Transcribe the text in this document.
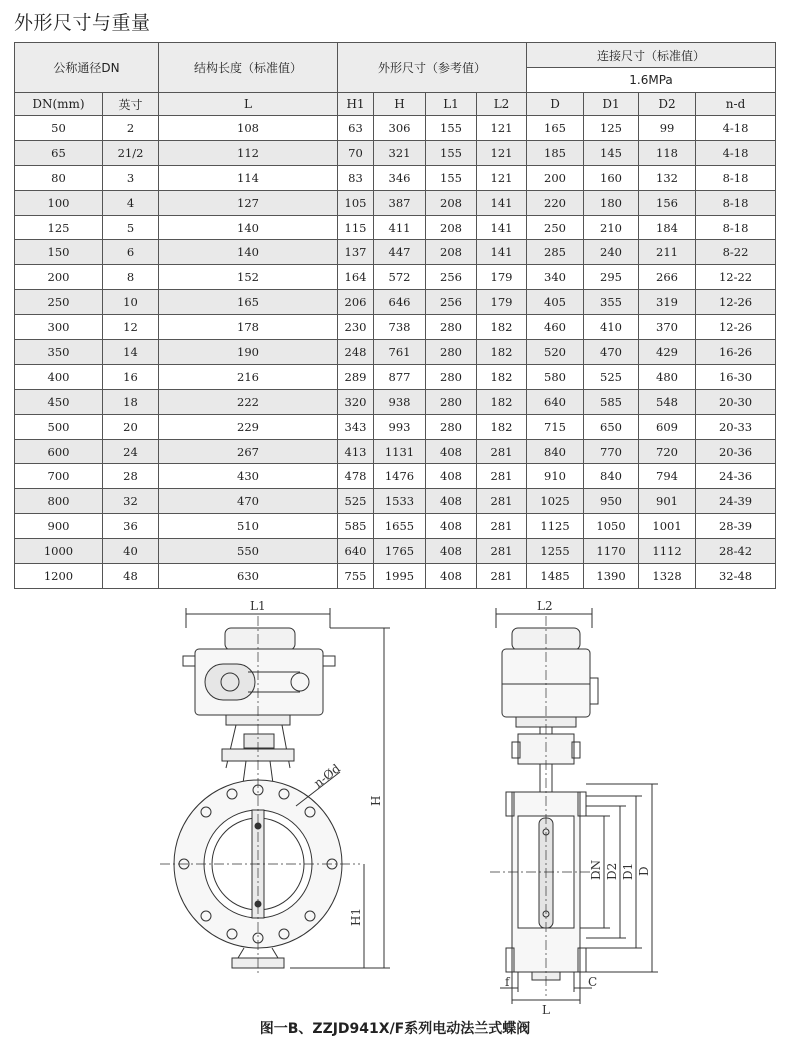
外形尺寸与重量
公称通径DN		结构长度（标准值）	外形尺寸（参考值）				连接尺寸（标准值）			
							1.6MPa			
DN(mm)	英寸	L	H1	H	L1	L2	D	D1	D2	n-d
50	2	108	63	306	155	121	165	125	99	4-18
65	21/2	112	70	321	155	121	185	145	118	4-18
80	3	114	83	346	155	121	200	160	132	8-18
100	4	127	105	387	208	141	220	180	156	8-18
125	5	140	115	411	208	141	250	210	184	8-18
150	6	140	137	447	208	141	285	240	211	8-22
200	8	152	164	572	256	179	340	295	266	12-22
250	10	165	206	646	256	179	405	355	319	12-26
300	12	178	230	738	280	182	460	410	370	12-26
350	14	190	248	761	280	182	520	470	429	16-26
400	16	216	289	877	280	182	580	525	480	16-30
450	18	222	320	938	280	182	640	585	548	20-30
500	20	229	343	993	280	182	715	650	609	20-33
600	24	267	413	1131	408	281	840	770	720	20-36
700	28	430	478	1476	408	281	910	840	794	24-36
800	32	470	525	1533	408	281	1025	950	901	24-39
900	36	510	585	1655	408	281	1125	1050	1001	28-39
1000	40	550	640	1765	408	281	1255	1170	1112	28-42
1200	48	630	755	1995	408	281	1485	1390	1328	32-48
L1	L2
H
H1
n-Ød
DN D2 D1 D
f
L
C
图一B、ZZJD941X/F系列电动法兰式蝶阀
